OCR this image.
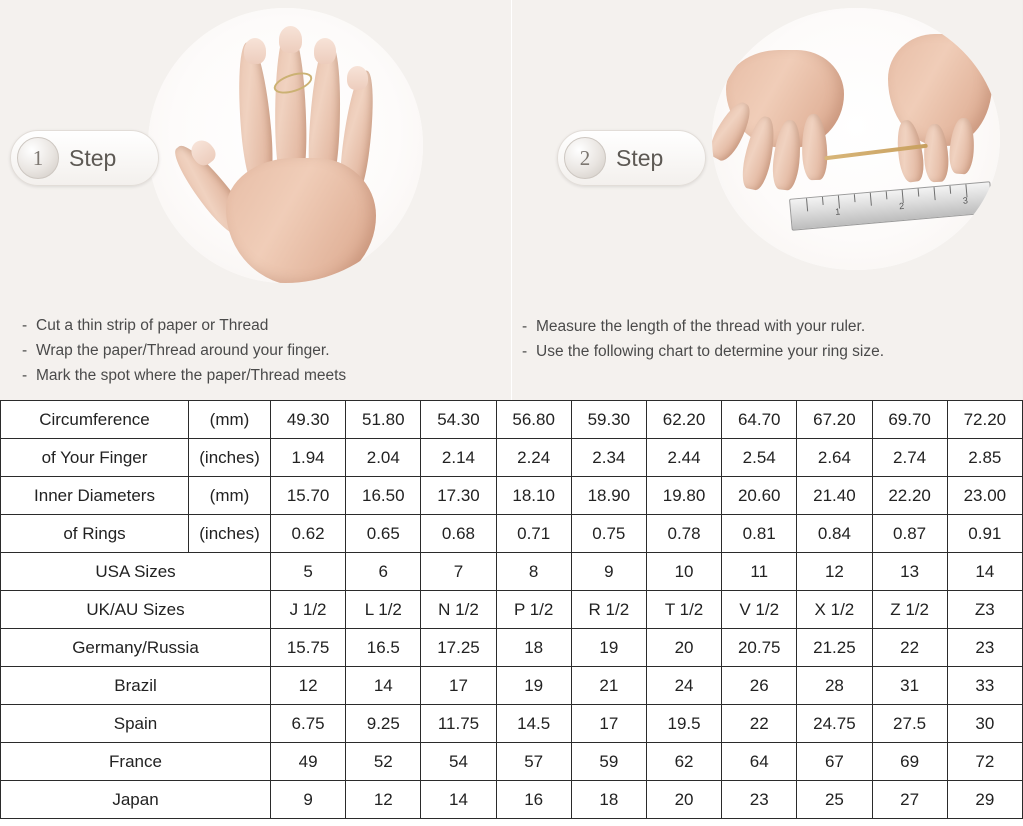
1	Step
- Cut a thin strip of paper or Thread
- Wrap the paper/Thread around your finger.
- Mark the spot where the paper/Thread meets
1
2
3
2	Step
- Measure the length of the thread with your ruler.
- Use the following chart to determine your ring size.
Circumference	(mm)	49.30	51.80	54.30	56.80	59.30	62.20	64.70	67.20	69.70	72.20
of Your Finger	(inches)	1.94	2.04	2.14	2.24	2.34	2.44	2.54	2.64	2.74	2.85
Inner Diameters	(mm)	15.70	16.50	17.30	18.10	18.90	19.80	20.60	21.40	22.20	23.00
of Rings	(inches)	0.62	0.65	0.68	0.71	0.75	0.78	0.81	0.84	0.87	0.91
USA Sizes		5	6	7	8	9	10	11	12	13	14
UK/AU Sizes		J 1/2	L 1/2	N 1/2	P 1/2	R 1/2	T 1/2	V 1/2	X 1/2	Z 1/2	Z3
Germany/Russia		15.75	16.5	17.25	18	19	20	20.75	21.25	22	23
Brazil		12	14	17	19	21	24	26	28	31	33
Spain		6.75	9.25	11.75	14.5	17	19.5	22	24.75	27.5	30
France		49	52	54	57	59	62	64	67	69	72
Japan		9	12	14	16	18	20	23	25	27	29
